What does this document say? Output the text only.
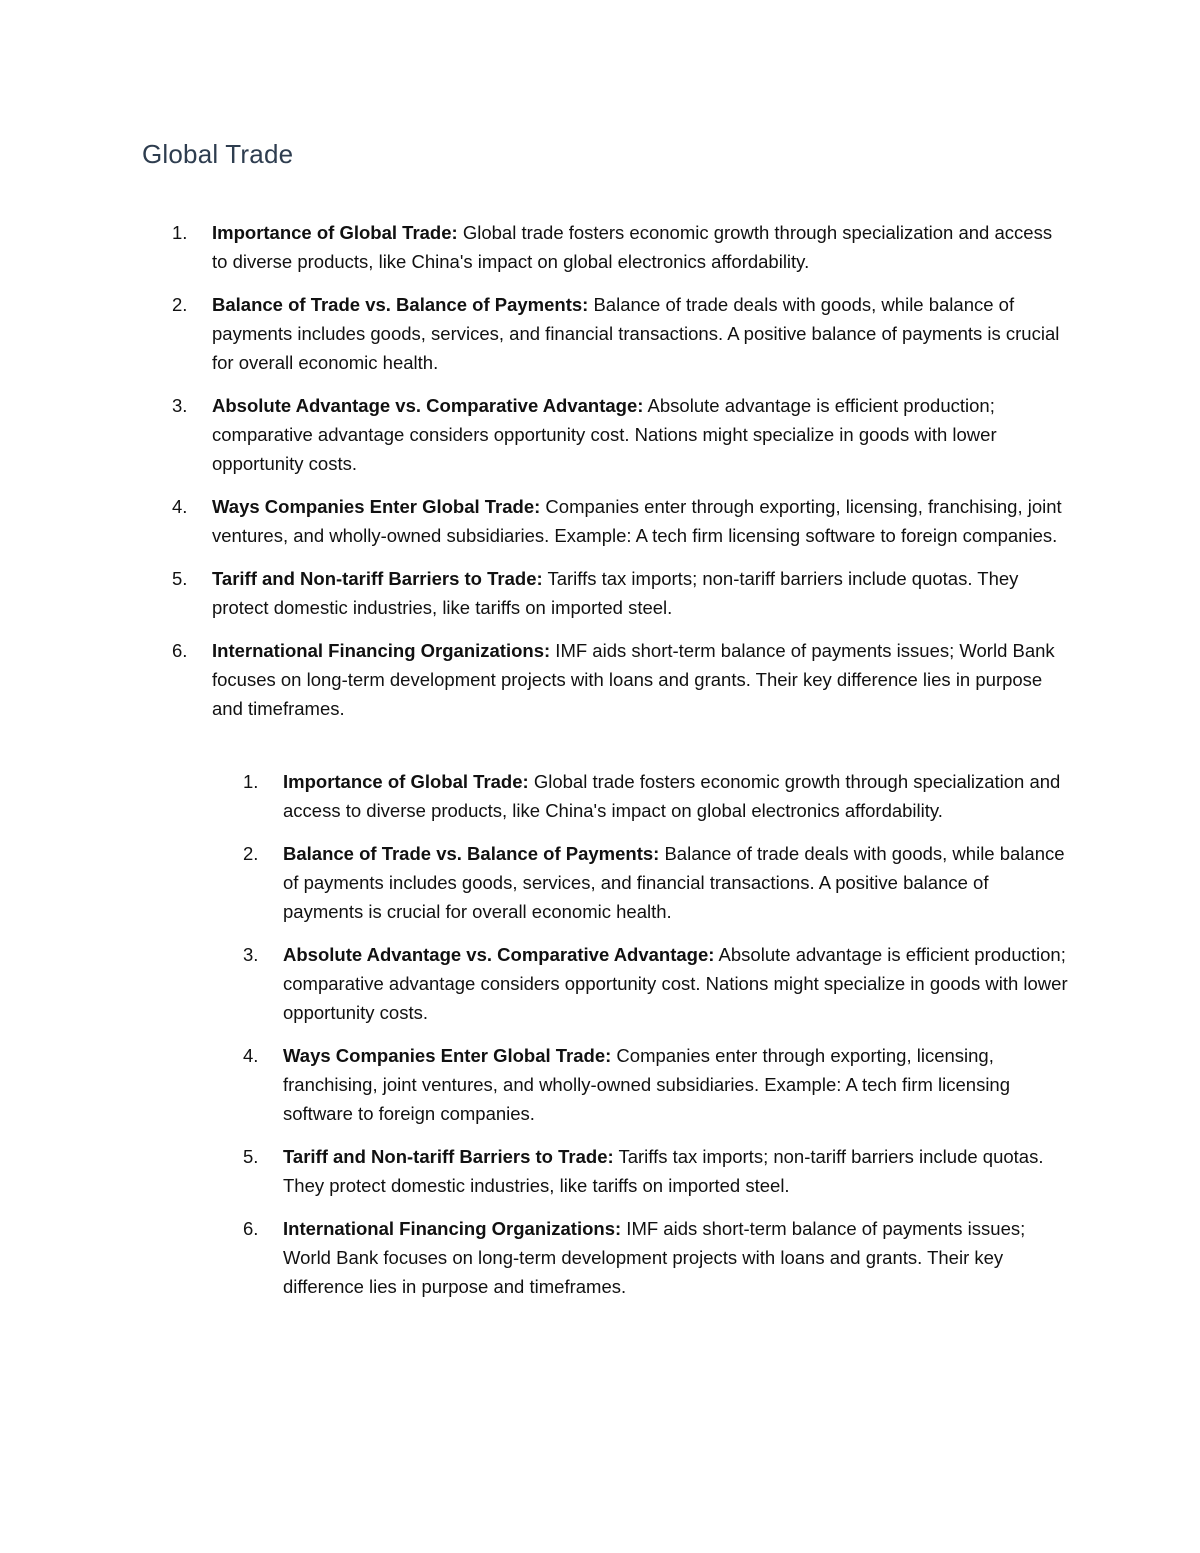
Global Trade
1.	Importance of Global Trade: Global trade fosters economic growth through specialization and access to diverse products, like China's impact on global electronics affordability.
2.	Balance of Trade vs. Balance of Payments: Balance of trade deals with goods, while balance of payments includes goods, services, and financial transactions. A positive balance of payments is crucial for overall economic health.
3.	Absolute Advantage vs. Comparative Advantage: Absolute advantage is efficient production; comparative advantage considers opportunity cost. Nations might specialize in goods with lower opportunity costs.
4.	Ways Companies Enter Global Trade: Companies enter through exporting, licensing, franchising, joint ventures, and wholly-owned subsidiaries. Example: A tech firm licensing software to foreign companies.
5.	Tariff and Non-tariff Barriers to Trade: Tariffs tax imports; non-tariff barriers include quotas. They protect domestic industries, like tariffs on imported steel.
6.	International Financing Organizations: IMF aids short-term balance of payments issues; World Bank focuses on long-term development projects with loans and grants. Their key difference lies in purpose and timeframes.
1.	Importance of Global Trade: Global trade fosters economic growth through specialization and access to diverse products, like China's impact on global electronics affordability.
2.	Balance of Trade vs. Balance of Payments: Balance of trade deals with goods, while balance of payments includes goods, services, and financial transactions. A positive balance of payments is crucial for overall economic health.
3.	Absolute Advantage vs. Comparative Advantage: Absolute advantage is efficient production; comparative advantage considers opportunity cost. Nations might specialize in goods with lower opportunity costs.
4.	Ways Companies Enter Global Trade: Companies enter through exporting, licensing, franchising, joint ventures, and wholly-owned subsidiaries. Example: A tech firm licensing software to foreign companies.
5.	Tariff and Non-tariff Barriers to Trade: Tariffs tax imports; non-tariff barriers include quotas. They protect domestic industries, like tariffs on imported steel.
6.	International Financing Organizations: IMF aids short-term balance of payments issues; World Bank focuses on long-term development projects with loans and grants. Their key difference lies in purpose and timeframes.
